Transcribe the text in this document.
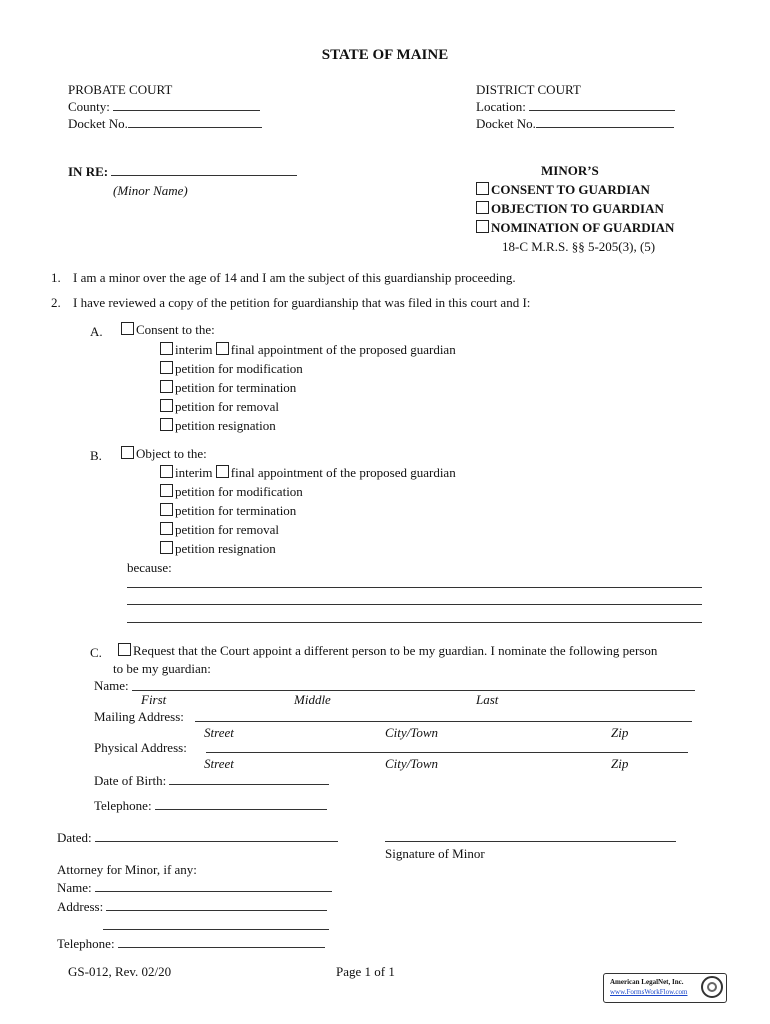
STATE OF MAINE
PROBATE COURT
County:
Docket No.
DISTRICT COURT
Location:
Docket No.
IN RE:
(Minor Name)
MINOR’S
CONSENT TO GUARDIAN
OBJECTION TO GUARDIAN
NOMINATION OF GUARDIAN
18-C M.R.S. §§ 5-205(3), (5)
1. I am a minor over the age of 14 and I am the subject of this guardianship proceeding.
2. I have reviewed a copy of the petition for guardianship that was filed in this court and I:
A.	Consent to the:
interim final appointment of the proposed guardian
petition for modification
petition for termination
petition for removal
petition resignation
B.	Object to the:
interim final appointment of the proposed guardian
petition for modification
petition for termination
petition for removal
petition resignation
because:
C.	Request that the Court appoint a different person to be my guardian. I nominate the following person
to be my guardian:
Name:
First	Middle	Last
Mailing Address:
Street	City/Town	Zip
Physical Address:
Street	City/Town	Zip
Date of Birth:
Telephone:
Dated:
Signature of Minor
Attorney for Minor, if any:
Name:
Address:
Telephone:
GS-012, Rev. 02/20	Page 1 of 1
American LegalNet, Inc.
www.FormsWorkFlow.com
